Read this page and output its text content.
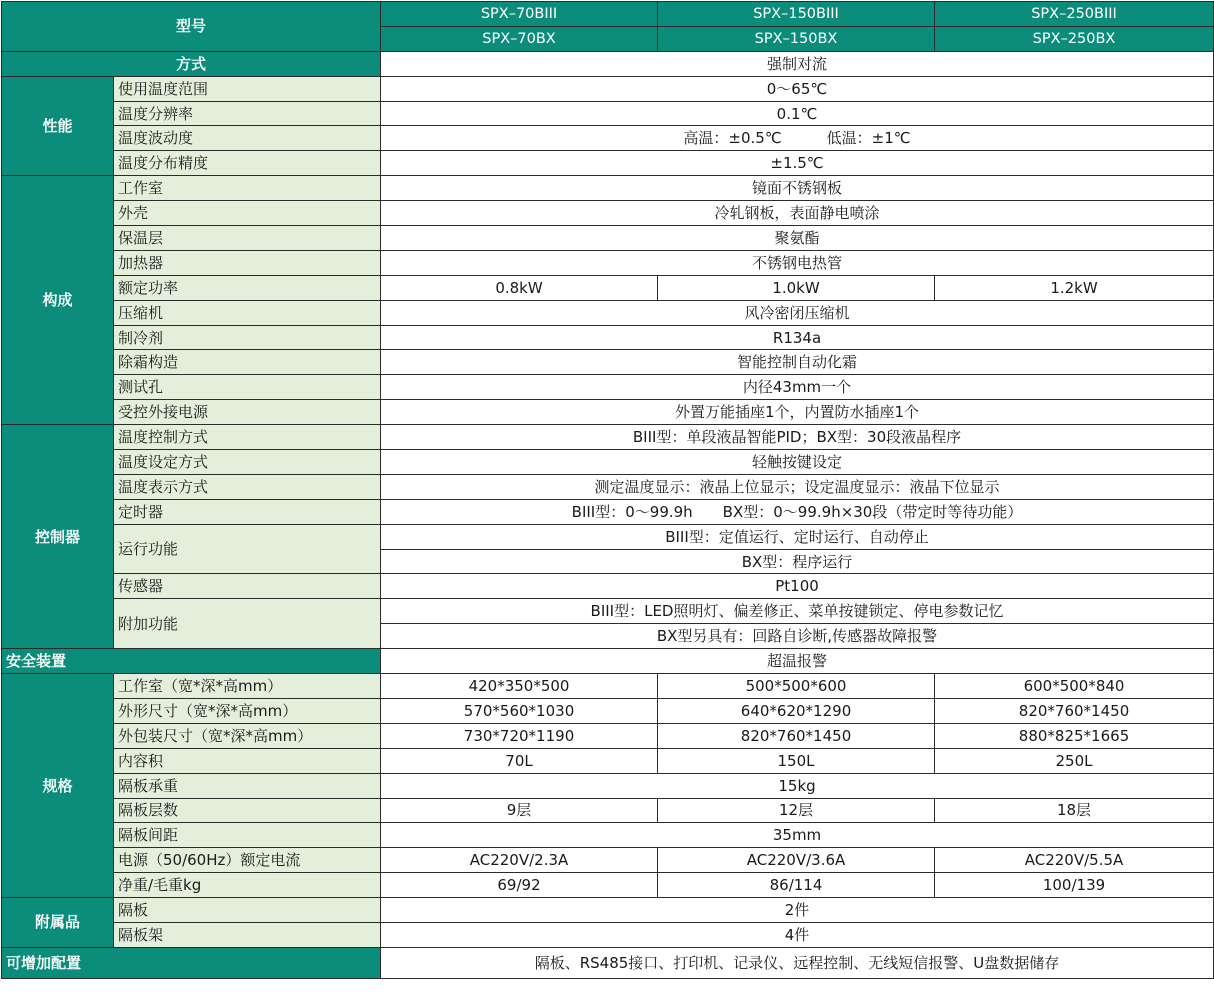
型号		SPX–70BIII	SPX–150BIII	SPX–250BIII
		SPX–70BX	SPX–150BX	SPX–250BX
方式		强制对流		
性能	使用温度范围	0～65℃		
	温度分辨率	0.1℃		
	温度波动度	高温：±0.5℃　　　低温：±1℃		
	温度分布精度	±1.5℃		
构成	工作室	镜面不锈钢板		
	外壳	冷轧钢板，表面静电喷涂		
	保温层	聚氨酯		
	加热器	不锈钢电热管		
	额定功率	0.8kW	1.0kW	1.2kW
	压缩机	风冷密闭压缩机		
	制冷剂	R134a		
	除霜构造	智能控制自动化霜		
	测试孔	内径43mm一个		
	受控外接电源	外置万能插座1个，内置防水插座1个		
控制器	温度控制方式	BIII型：单段液晶智能PID；BX型：30段液晶程序		
	温度设定方式	轻触按键设定		
	温度表示方式	测定温度显示：液晶上位显示；设定温度显示：液晶下位显示		
	定时器	BIII型：0～99.9h　　BX型：0～99.9h×30段（带定时等待功能）		
	运行功能	BIII型：定值运行、定时运行、自动停止		
		BX型：程序运行		
	传感器	Pt100		
	附加功能	BIII型：LED照明灯、偏差修正、菜单按键锁定、停电参数记忆		
		BX型另具有：回路自诊断,传感器故障报警		
安全装置		超温报警		
规格	工作室（宽*深*高mm）	420*350*500	500*500*600	600*500*840
	外形尺寸（宽*深*高mm）	570*560*1030	640*620*1290	820*760*1450
	外包装尺寸（宽*深*高mm）	730*720*1190	820*760*1450	880*825*1665
	内容积	70L	150L	250L
	隔板承重	15kg		
	隔板层数	9层	12层	18层
	隔板间距	35mm		
	电源（50/60Hz）额定电流	AC220V/2.3A	AC220V/3.6A	AC220V/5.5A
	净重/毛重kg	69/92	86/114	100/139
附属品	隔板	2件		
	隔板架	4件		
可增加配置		隔板、RS485接口、打印机、记录仪、远程控制、无线短信报警、U盘数据储存		
